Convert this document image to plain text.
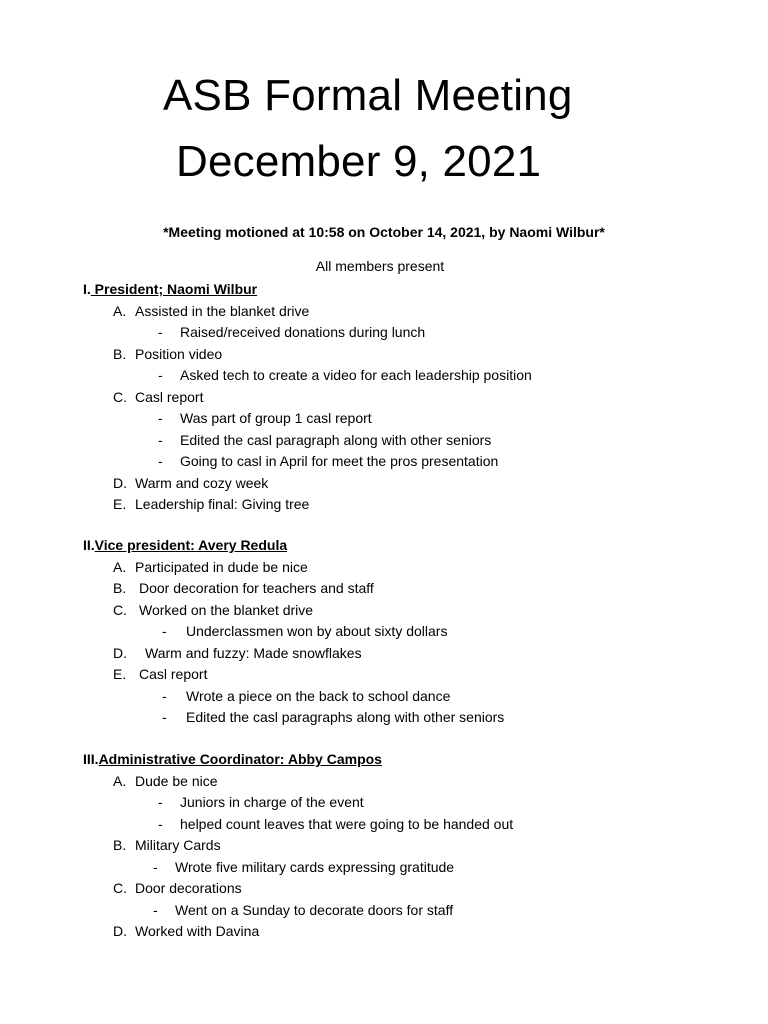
ASB Formal Meeting
December 9, 2021
*Meeting motioned at 10:58 on October 14, 2021, by Naomi Wilbur*
All members present
I. President; Naomi Wilbur
A. Assisted in the blanket drive
- Raised/received donations during lunch
B. Position video
- Asked tech to create a video for each leadership position
C. Casl report
- Was part of group 1 casl report
- Edited the casl paragraph along with other seniors
- Going to casl in April for meet the pros presentation
D. Warm and cozy week
E. Leadership final: Giving tree
II.Vice president: Avery Redula
A. Participated in dude be nice
B. Door decoration for teachers and staff
C. Worked on the blanket drive
- Underclassmen won by about sixty dollars
D. Warm and fuzzy: Made snowflakes
E. Casl report
- Wrote a piece on the back to school dance
- Edited the casl paragraphs along with other seniors
III.Administrative Coordinator: Abby Campos
A. Dude be nice
- Juniors in charge of the event
- helped count leaves that were going to be handed out
B. Military Cards
- Wrote five military cards expressing gratitude
C. Door decorations
- Went on a Sunday to decorate doors for staff
D. Worked with Davina
